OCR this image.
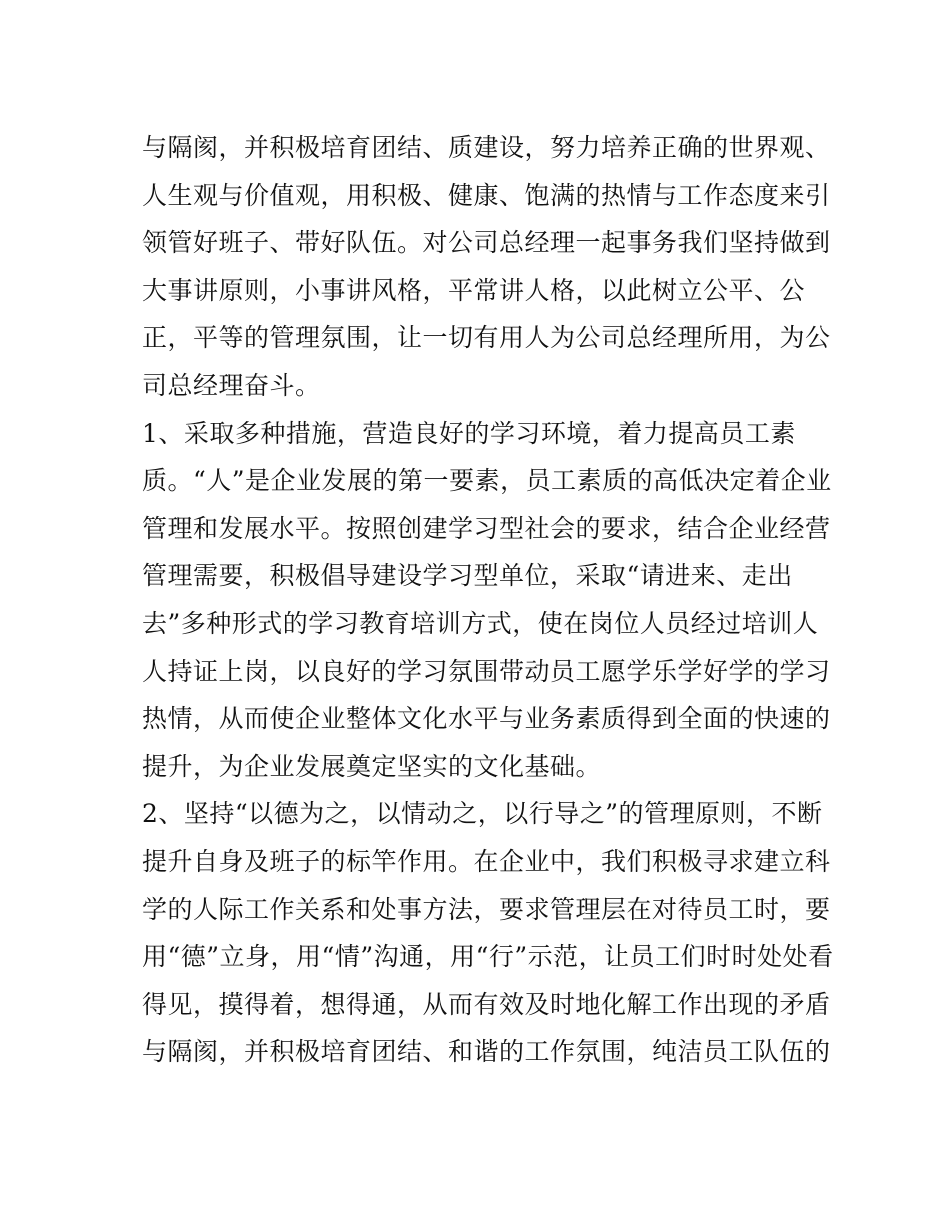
与隔阂，并积极培育团结、质建设，努力培养正确的世界观、
人生观与价值观，用积极、健康、饱满的热情与工作态度来引
领管好班子、带好队伍。对公司总经理一起事务我们坚持做到
大事讲原则，小事讲风格，平常讲人格，以此树立公平、公
正，平等的管理氛围，让一切有用人为公司总经理所用，为公
司总经理奋斗。
1、采取多种措施，营造良好的学习环境，着力提高员工素
质。“人”是企业发展的第一要素，员工素质的高低决定着企业
管理和发展水平。按照创建学习型社会的要求，结合企业经营
管理需要，积极倡导建设学习型单位，采取“请进来、走出
去”多种形式的学习教育培训方式，使在岗位人员经过培训人
人持证上岗，以良好的学习氛围带动员工愿学乐学好学的学习
热情，从而使企业整体文化水平与业务素质得到全面的快速的
提升，为企业发展奠定坚实的文化基础。
2、坚持“以德为之，以情动之，以行导之”的管理原则，不断
提升自身及班子的标竿作用。在企业中，我们积极寻求建立科
学的人际工作关系和处事方法，要求管理层在对待员工时，要
用“德”立身，用“情”沟通，用“行”示范，让员工们时时处处看
得见，摸得着，想得通，从而有效及时地化解工作出现的矛盾
与隔阂，并积极培育团结、和谐的工作氛围，纯洁员工队伍的
